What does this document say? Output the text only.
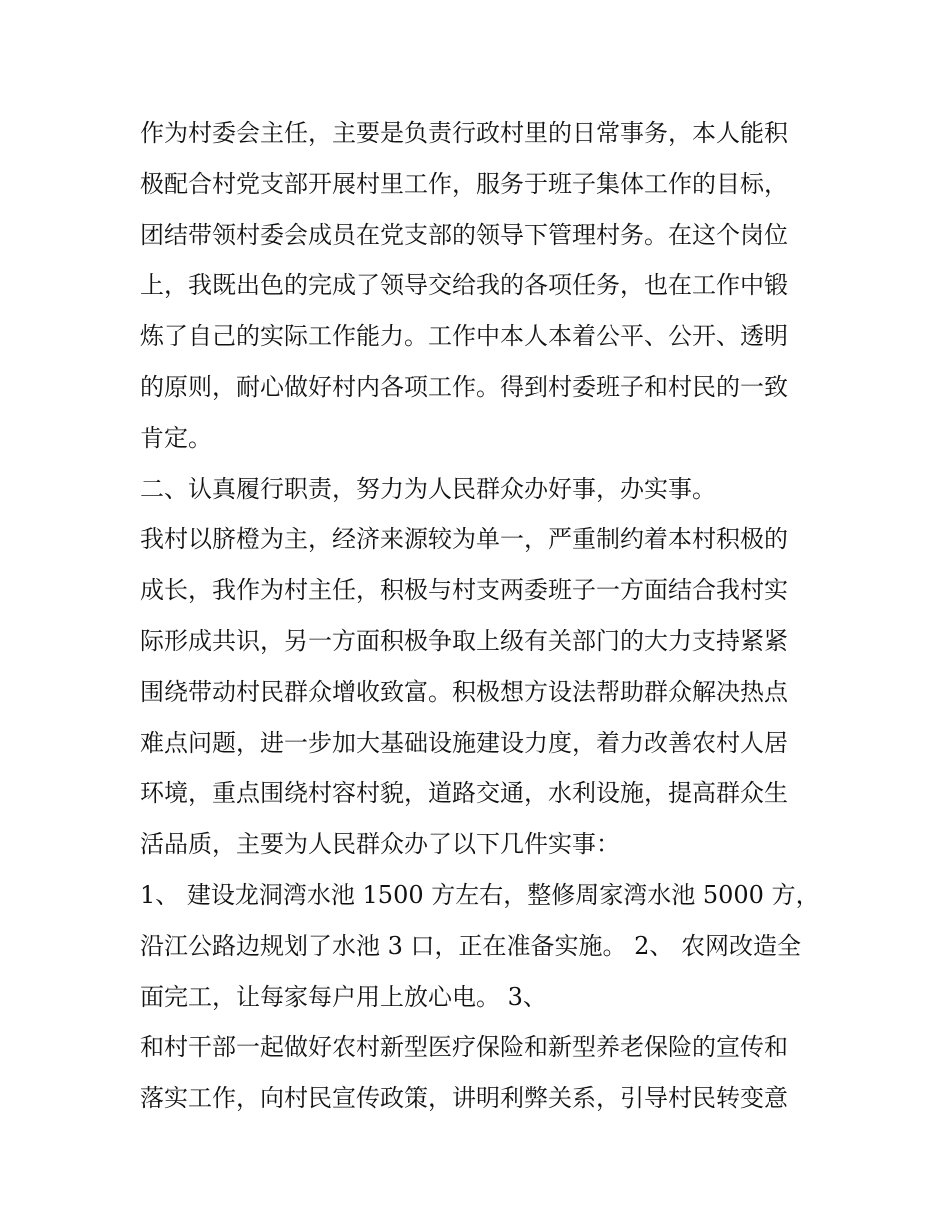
作为村委会主任，主要是负责行政村里的日常事务，本人能积
极配合村党支部开展村里工作，服务于班子集体工作的目标，
团结带领村委会成员在党支部的领导下管理村务。在这个岗位
上，我既出色的完成了领导交给我的各项任务，也在工作中锻
炼了自己的实际工作能力。工作中本人本着公平、公开、透明
的原则，耐心做好村内各项工作。得到村委班子和村民的一致
肯定。
二、认真履行职责，努力为人民群众办好事，办实事。
我村以脐橙为主，经济来源较为单一，严重制约着本村积极的
成长，我作为村主任，积极与村支两委班子一方面结合我村实
际形成共识，另一方面积极争取上级有关部门的大力支持紧紧
围绕带动村民群众增收致富。积极想方设法帮助群众解决热点
难点问题，进一步加大基础设施建设力度，着力改善农村人居
环境，重点围绕村容村貌，道路交通，水利设施，提高群众生
活品质，主要为人民群众办了以下几件实事：
1、 建设龙洞湾水池 1500 方左右，整修周家湾水池 5000 方，
沿江公路边规划了水池 3 口，正在准备实施。 2、 农网改造全
面完工，让每家每户用上放心电。 3、
和村干部一起做好农村新型医疗保险和新型养老保险的宣传和
落实工作，向村民宣传政策，讲明利弊关系，引导村民转变意
